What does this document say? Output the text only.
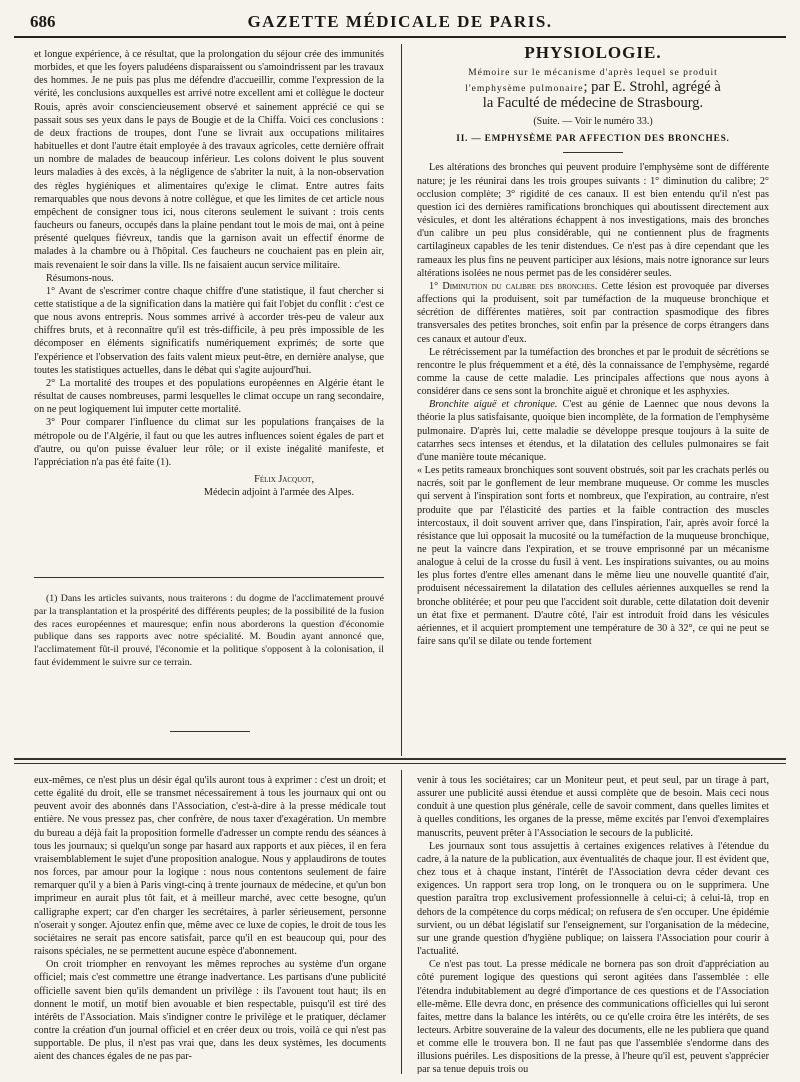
686	GAZETTE MÉDICALE DE PARIS.

et longue expérience, à ce résultat, que la prolongation du séjour crée des immunités morbides, et que les foyers paludéens disparaissent ou s'amoindrissent par les travaux des hommes. Je ne puis pas plus me défendre d'accueillir, comme l'expression de la vérité, les conclusions auxquelles est arrivé notre excellent ami et collègue le docteur Rouis, après avoir consciencieusement observé et sainement apprécié ce qui se passait sous ses yeux dans le pays de Bougie et de la Chiffa. Voici ces conclusions : de deux fractions de troupes, dont l'une se livrait aux occupations militaires habituelles et dont l'autre était employée à des travaux agricoles, cette dernière offrait un nombre de malades de beaucoup inférieur. Les colons doivent le plus souvent leurs maladies à des excès, à la négligence de s'abriter la nuit, à la non-observation des règles hygiéniques et alimentaires qu'exige le climat. Entre autres faits remarquables que nous devons à notre collègue, et que les limites de cet article nous empêchent de consigner tous ici, nous citerons seulement le suivant : trois cents faucheurs ou faneurs, occupés dans la plaine pendant tout le mois de mai, ont à peine présenté quelques fiévreux, tandis que la garnison avait un effectif énorme de malades à la chambre ou à l'hôpital. Ces faucheurs ne couchaient pas en plein air, mais revenaient le soir dans la ville. Ils ne faisaient aucun service militaire.

Résumons-nous.

1° Avant de s'escrimer contre chaque chiffre d'une statistique, il faut chercher si cette statistique a de la signification dans la matière qui fait l'objet du conflit : c'est ce que nous avons entrepris. Nous sommes arrivé à accorder très-peu de valeur aux chiffres bruts, et à reconnaître qu'il est très-difficile, à peu près impossible de les décomposer en éléments significatifs numériquement exprimés; de sorte que l'expérience et l'observation des faits valent mieux peut-être, en dernière analyse, que toutes les statistiques actuelles, dans le débat qui s'agite aujourd'hui.

2° La mortalité des troupes et des populations européennes en Algérie étant le résultat de causes nombreuses, parmi lesquelles le climat occupe un rang secondaire, on ne peut logiquement lui imputer cette mortalité.

3° Pour comparer l'influence du climat sur les populations françaises de la métropole ou de l'Algérie, il faut ou que les autres influences soient égales de part et d'autre, ou qu'on puisse évaluer leur rôle; or il existe inégalité manifeste, et l'appréciation n'a pas été faite (1).

Félix Jacquot,
Médecin adjoint à l'armée des Alpes.

(1) Dans les articles suivants, nous traiterons : du dogme de l'acclimatement prouvé par la transplantation et la prospérité des différents peuples; de la possibilité de la fusion des races européennes et mauresque; enfin nous aborderons la question d'économie publique dans ses rapports avec notre spécialité. M. Boudin ayant annoncé que, l'acclimatement fût-il prouvé, l'économie et la politique s'opposent à la colonisation, il faut évidemment le suivre sur ce terrain.

PHYSIOLOGIE.
Mémoire sur le mécanisme d'après lequel se produit
l'emphysème pulmonaire; par E. Strohl, agrégé à
la Faculté de médecine de Strasbourg.
(Suite. — Voir le numéro 33.)
II. — EMPHYSÈME PAR AFFECTION DES BRONCHES.

Les altérations des bronches qui peuvent produire l'emphysème sont de différente nature; je les réunirai dans les trois groupes suivants : 1° diminution du calibre; 2° occlusion complète; 3° rigidité de ces canaux. Il est bien entendu qu'il n'est pas question ici des dernières ramifications bronchiques qui aboutissent directement aux vésicules, et dont les altérations échappent à nos investigations, mais des bronches d'un calibre un peu plus considérable, qui ne contiennent plus de fragments cartilagineux capables de les tenir distendues. Ce n'est pas à dire cependant que les rameaux les plus fins ne peuvent participer aux lésions, mais notre ignorance sur leurs altérations isolées ne nous permet pas de les considérer seules.

1° Diminution du calibre des bronches. Cette lésion est provoquée par diverses affections qui la produisent, soit par tuméfaction de la muqueuse bronchique et sécrétion de différentes matières, soit par contraction spasmodique des fibres transversales des petites bronches, soit enfin par la présence de corps étrangers dans ces canaux et autour d'eux.

Le rétrécissement par la tuméfaction des bronches et par le produit de sécrétions se rencontre le plus fréquemment et a été, dès la connaissance de l'emphysème, regardé comme la cause de cette maladie. Les principales affections que nous ayons à considérer dans ce sens sont la bronchite aiguë et chronique et les asphyxies.

Bronchite aiguë et chronique. C'est au génie de Laennec que nous devons la théorie la plus satisfaisante, quoique bien incomplète, de la formation de l'emphysème pulmonaire. D'après lui, cette maladie se développe presque toujours à la suite de catarrhes secs intenses et étendus, et la dilatation des cellules pulmonaires se fait d'une manière toute mécanique.

« Les petits rameaux bronchiques sont souvent obstrués, soit par les crachats perlés ou nacrés, soit par le gonflement de leur membrane muqueuse. Or comme les muscles qui servent à l'inspiration sont forts et nombreux, que l'expiration, au contraire, n'est produite que par l'élasticité des parties et la faible contraction des muscles intercostaux, il doit souvent arriver que, dans l'inspiration, l'air, après avoir forcé la résistance que lui opposait la mucosité ou la tuméfaction de la muqueuse bronchique, ne peut la vaincre dans l'expiration, et se trouve emprisonné par un mécanisme analogue à celui de la crosse du fusil à vent. Les inspirations suivantes, ou au moins les plus fortes d'entre elles amenant dans le même lieu une nouvelle quantité d'air, produisent nécessairement la dilatation des cellules aériennes auxquelles se rend la bronche oblitérée; et pour peu que l'accident soit durable, cette dilatation doit devenir un état fixe et permanent. D'autre côté, l'air est introduit froid dans les vésicules aériennes, et il acquiert promptement une température de 30 à 32°, ce qui ne peut se faire sans qu'il se dilate ou tende fortement

eux-mêmes, ce n'est plus un désir égal qu'ils auront tous à exprimer : c'est un droit; et cette égalité du droit, elle se transmet nécessairement à tous les journaux qui ont ou peuvent avoir des abonnés dans l'Association, c'est-à-dire à la presse médicale tout entière. Ne vous pressez pas, cher confrère, de nous taxer d'exagération. Un membre du bureau a déjà fait la proposition formelle d'adresser un compte rendu des séances à tous les journaux; si quelqu'un songe par hasard aux rapports et aux pièces, il en fera vraisemblablement le sujet d'une proposition analogue. Nous y applaudirons de toutes nos forces, par amour pour la logique : nous nous contentons seulement de faire remarquer qu'il y a bien à Paris vingt-cinq à trente journaux de médecine, et qu'un bon imprimeur en aurait plus tôt fait, et à meilleur marché, avec cette besogne, qu'un calligraphe expert; car d'en charger les secrétaires, à parler sérieusement, personne n'oserait y songer. Ajoutez enfin que, même avec ce luxe de copies, le droit de tous les sociétaires ne serait pas encore satisfait, parce qu'il en est beaucoup qui, pour des raisons spéciales, ne se permettent aucune espèce d'abonnement.

On croit triompher en renvoyant les mêmes reproches au système d'un organe officiel; mais c'est commettre une étrange inadvertance. Les partisans d'une publicité officielle savent bien qu'ils demandent un privilège : ils l'avouent tout haut; ils en donnent le motif, un motif bien avouable et bien respectable, puisqu'il est tiré des intérêts de l'Association. Mais s'indigner contre le privilège et le pratiquer, déclamer contre la création d'un journal officiel et en créer deux ou trois, voilà ce qui n'est pas supportable. De plus, il n'est pas vrai que, dans les deux systèmes, les documents aient des chances égales de ne pas par-

venir à tous les sociétaires; car un Moniteur peut, et peut seul, par un tirage à part, assurer une publicité aussi étendue et aussi complète que de besoin. Mais ceci nous conduit à une question plus générale, celle de savoir comment, dans quelles limites et à quelles conditions, les organes de la presse, même excités par l'envoi d'exemplaires manuscrits, peuvent prêter à l'Association le secours de la publicité.

Les journaux sont tous assujettis à certaines exigences relatives à l'étendue du cadre, à la nature de la publication, aux éventualités de chaque jour. Il est évident que, chez tous et à chaque instant, l'intérêt de l'Association devra céder devant ces exigences. Un rapport sera trop long, on le tronquera ou on le supprimera. Une question paraîtra trop exclusivement professionnelle à celui-ci; à celui-là, trop en dehors de la compétence du corps médical; on refusera de s'en occuper. Une épidémie survient, ou un débat législatif sur l'enseignement, sur l'organisation de la médecine, sur une grande question d'hygiène publique; on laissera l'Association pour courir à l'actualité.

Ce n'est pas tout. La presse médicale ne bornera pas son droit d'appréciation au côté purement logique des questions qui seront agitées dans l'assemblée : elle l'étendra indubitablement au degré d'importance de ces questions et de l'Association elle-même. Elle devra donc, en présence des communications officielles qui lui seront faites, mettre dans la balance les intérêts, ou ce qu'elle croira être les intérêts, de ses lecteurs. Arbitre souveraine de la valeur des documents, elle ne les publiera que quand et comme elle le trouvera bon. Il ne faut pas que l'assemblée s'endorme dans des illusions puériles. Les dispositions de la presse, à l'heure qu'il est, peuvent s'apprécier par sa tenue depuis trois ou
